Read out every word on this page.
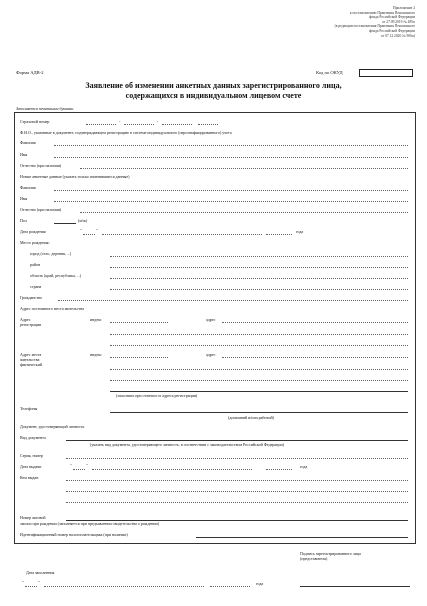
Приложение 2
к постановлению Правления Пенсионного
фонда Российской Федерации
от 27.09.2019 № 485п
(в редакции постановления Правления Пенсионного
фонда Российской Федерации
от 07.12.2020 № 906п)
Форма АДВ-2	Код по ОКУД
Заявление об изменении анкетных данных зарегистрированного лица,
содержащихся в индивидуальном лицевом счете
Заполняется печатными буквами
Страховой номер	-	-
Ф.И.О., указанные в документе, подтверждающем регистрацию в системе индивидуального (персонифицированного) учета
Фамилия
Имя
Отчество (при наличии)
Новые анкетные данные (указать только изменившиеся данные)
Фамилия
Имя
Отчество (при наличии)
Пол	(м/ж)
Дата рождения	"	"	года
Место рождения:
город (село, деревня, ...)
район
область (край, республика, ...)
страна
Гражданство
Адрес постоянного места жительства
Адрес
регистрации
индекс	адрес
Адрес места
жительства
фактический
индекс	адрес
(заполнять при отличии от адреса регистрации)
Телефоны
(домашний и/или рабочий)
Документ, удостоверяющий личность
Вид документа
(указать вид документа, удостоверяющего личность, в соответствии с законодательством Российской Федерации)
Серия, номер
Дата выдачи	"	"	года
Кем выдан
Номер актовой
записи при рождении (заполняется при предъявлении свидетельства о рождении)
Идентификационный номер налогоплательщика (при наличии)
Подпись зарегистрированного лица
(представителя)
Дата заполнения
"	"	года
